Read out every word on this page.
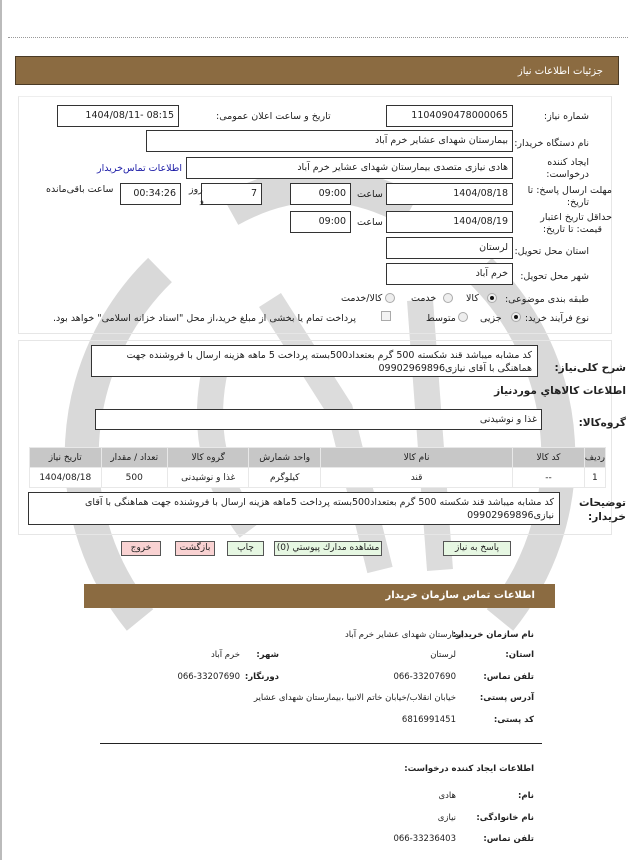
جزئیات اطلاعات نیاز
شماره نیاز:
1104090478000065
تاریخ و ساعت اعلان عمومی:
1404/08/11- 08:15
نام دستگاه خریدار:
بیمارستان شهدای عشایر خرم آباد
ایجاد کننده
درخواست:
هادی نیازی متصدی بیمارستان شهدای عشایر خرم آباد
اطلاعات تماس‌خریدار
مهلت ارسال پاسخ: تا
تاریخ:
1404/08/18
ساعت
09:00
7
روز
و
00:34:26
ساعت باقی‌مانده
حداقل تاریخ اعتبار
قیمت: تا تاریخ:
1404/08/19
ساعت
09:00
استان محل تحویل:
لرستان
شهر محل تحویل:
خرم آباد
طبقه بندی موضوعی:
کالا
خدمت
کالا/خدمت
نوع فرآیند خرید:
جزیی
متوسط
پرداخت تمام یا بخشی از مبلغ خرید،از محل "اسناد خزانه اسلامی" خواهد بود.
شرح کلی‌نیاز:
کد مشابه میباشد قند شکسته 500 گرم بعتعداد500بسته پرداخت 5 ماهه هزینه ارسال با فروشنده جهت هماهنگی با آقای نیازی09902969896
اطلاعات کالاهاي موردنیاز
گروه‌کالا:
غذا و نوشیدنی
ردیف	کد کالا	نام کالا	واحد شمارش	گروه کالا	تعداد / مقدار	تاریخ نیاز
1	--	قند	کیلوگرم	غذا و نوشیدنی	500	1404/08/18
توضیحات
خریدار:
کد مشابه میباشد قند شکسته 500 گرم بعتعداد500بسته پرداخت 5ماهه هزینه ارسال با فروشنده جهت هماهنگی با آقای نیازی09902969896
پاسخ به نیاز
مشاهده مدارك پيوستي (0)
چاپ
بازگشت
خروج
اطلاعات تماس سازمان خریدار
نام سازمان خریدار:
بیمارستان شهدای عشایر خرم آباد
استان:
لرستان
شهر:
خرم آباد
تلفن تماس:
066-33207690
دورنگار:
066-33207690
آدرس پستی:
خیابان انقلاب/خیابان خاتم الانبیا ،بیمارستان شهدای عشایر
کد پستی:
6816991451
اطلاعات ایجاد کننده درخواست:
نام:
هادی
نام خانوادگی:
نیازی
تلفن تماس:
066-33236403
